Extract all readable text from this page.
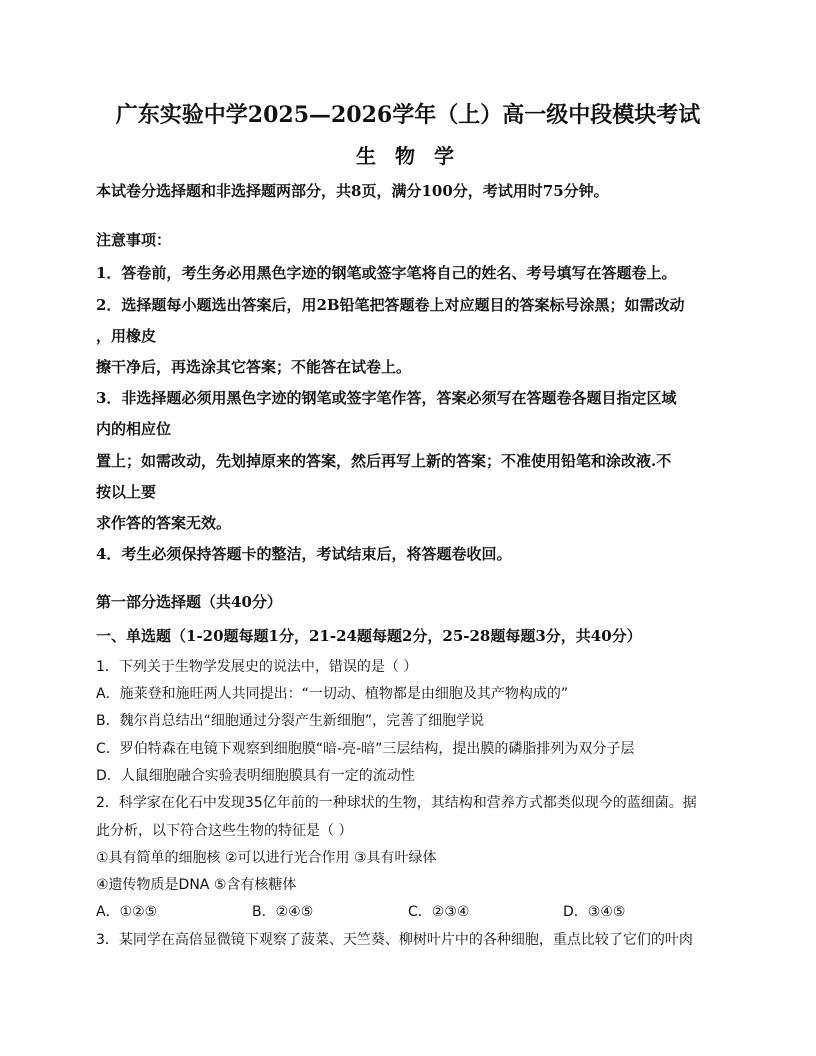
广东实验中学2025—2026学年（上）高一级中段模块考试
生 物 学
本试卷分选择题和非选择题两部分，共8页，满分100分，考试用时75分钟。
注意事项：
1．答卷前，考生务必用黑色字迹的钢笔或签字笔将自己的姓名、考号填写在答题卷上。
2．选择题每小题选出答案后，用2B铅笔把答题卷上对应题目的答案标号涂黑；如需改动
，用橡皮
擦干净后，再选涂其它答案；不能答在试卷上。
3．非选择题必须用黑色字迹的钢笔或签字笔作答，答案必须写在答题卷各题目指定区域
内的相应位
置上；如需改动，先划掉原来的答案，然后再写上新的答案；不准使用铅笔和涂改液.不
按以上要
求作答的答案无效。
4．考生必须保持答题卡的整洁，考试结束后，将答题卷收回。
第一部分选择题（共40分）
一、单选题（1-20题每题1分，21-24题每题2分，25-28题每题3分，共40分）
1．下列关于生物学发展史的说法中，错误的是（ ）
A．施莱登和施旺两人共同提出：“一切动、植物都是由细胞及其产物构成的”
B．魏尔肖总结出“细胞通过分裂产生新细胞”，完善了细胞学说
C．罗伯特森在电镜下观察到细胞膜“暗-亮-暗”三层结构，提出膜的磷脂排列为双分子层
D．人鼠细胞融合实验表明细胞膜具有一定的流动性
2．科学家在化石中发现35亿年前的一种球状的生物，其结构和营养方式都类似现今的蓝细菌。据
此分析，以下符合这些生物的特征是（ ）
①具有简单的细胞核 ②可以进行光合作用 ③具有叶绿体
④遗传物质是DNA ⑤含有核糖体
A．①②⑤	B．②④⑤	C．②③④	D．③④⑤
3．某同学在高倍显微镜下观察了菠菜、天竺葵、柳树叶片中的各种细胞，重点比较了它们的叶肉
